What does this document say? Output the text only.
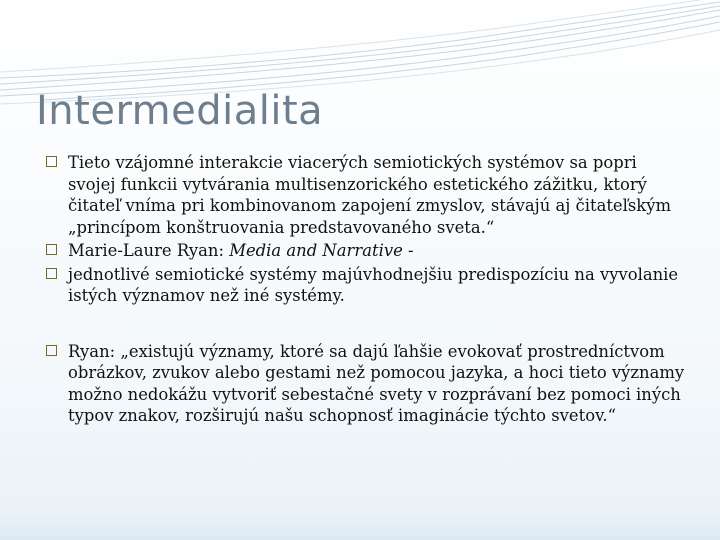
Intermedialita

Tieto vzájomné interakcie viacerých semiotických systémov sa popri svojej funkcii vytvárania multisenzorického estetického zážitku, ktorý čitateľ vníma pri kombinovanom zapojení zmyslov, stávajú aj čitateľským „princípom konštruovania predstavovaného sveta.“

Marie-Laure Ryan: Media and Narrative -

jednotlivé semiotické systémy majúvhodnejšiu predispozíciu na vyvolanie istých významov než iné systémy.

Ryan: „existujú významy, ktoré sa dajú ľahšie evokovať prostredníctvom obrázkov, zvukov alebo gestami než pomocou jazyka, a hoci tieto významy možno nedokážu vytvoriť sebestačné svety v rozprávaní bez pomoci iných typov znakov, rozširujú našu schopnosť imaginácie týchto svetov.“
